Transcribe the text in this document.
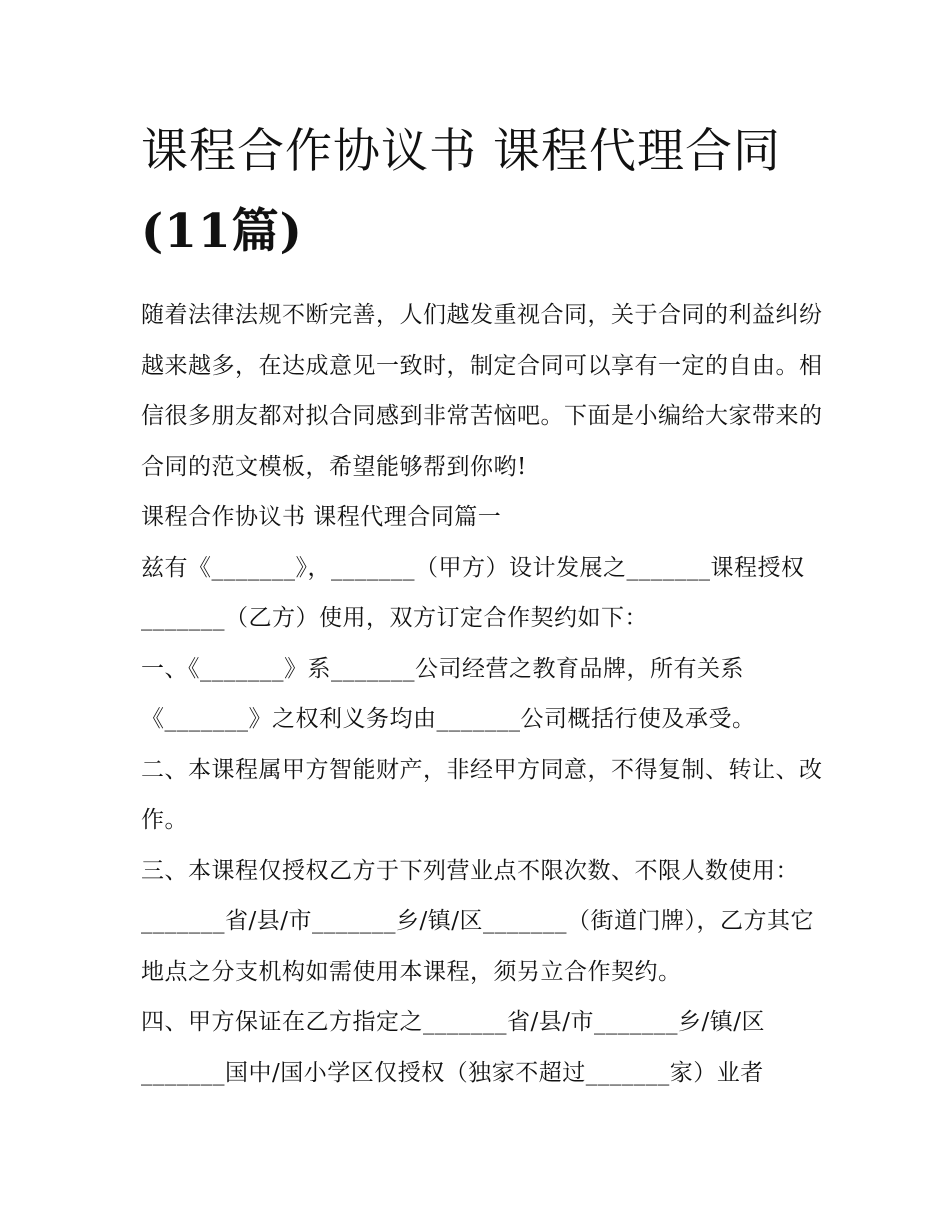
课程合作协议书 课程代理合同
(11篇)

随着法律法规不断完善，人们越发重视合同，关于合同的利益纠纷越来越多，在达成意见一致时，制定合同可以享有一定的自由。相信很多朋友都对拟合同感到非常苦恼吧。下面是小编给大家带来的合同的范文模板，希望能够帮到你哟!

课程合作协议书 课程代理合同篇一

兹有《_______》，_______（甲方）设计发展之_______课程授权_______（乙方）使用，双方订定合作契约如下：

一、《_______》系_______公司经营之教育品牌，所有关系《_______》之权利义务均由_______公司概括行使及承受。

二、本课程属甲方智能财产，非经甲方同意，不得复制、转让、改作。

三、本课程仅授权乙方于下列营业点不限次数、不限人数使用：_______省/县/市_______乡/镇/区_______（街道门牌），乙方其它地点之分支机构如需使用本课程，须另立合作契约。

四、甲方保证在乙方指定之_______省/县/市_______乡/镇/区_______国中/国小学区仅授权（独家不超过_______家）业者
